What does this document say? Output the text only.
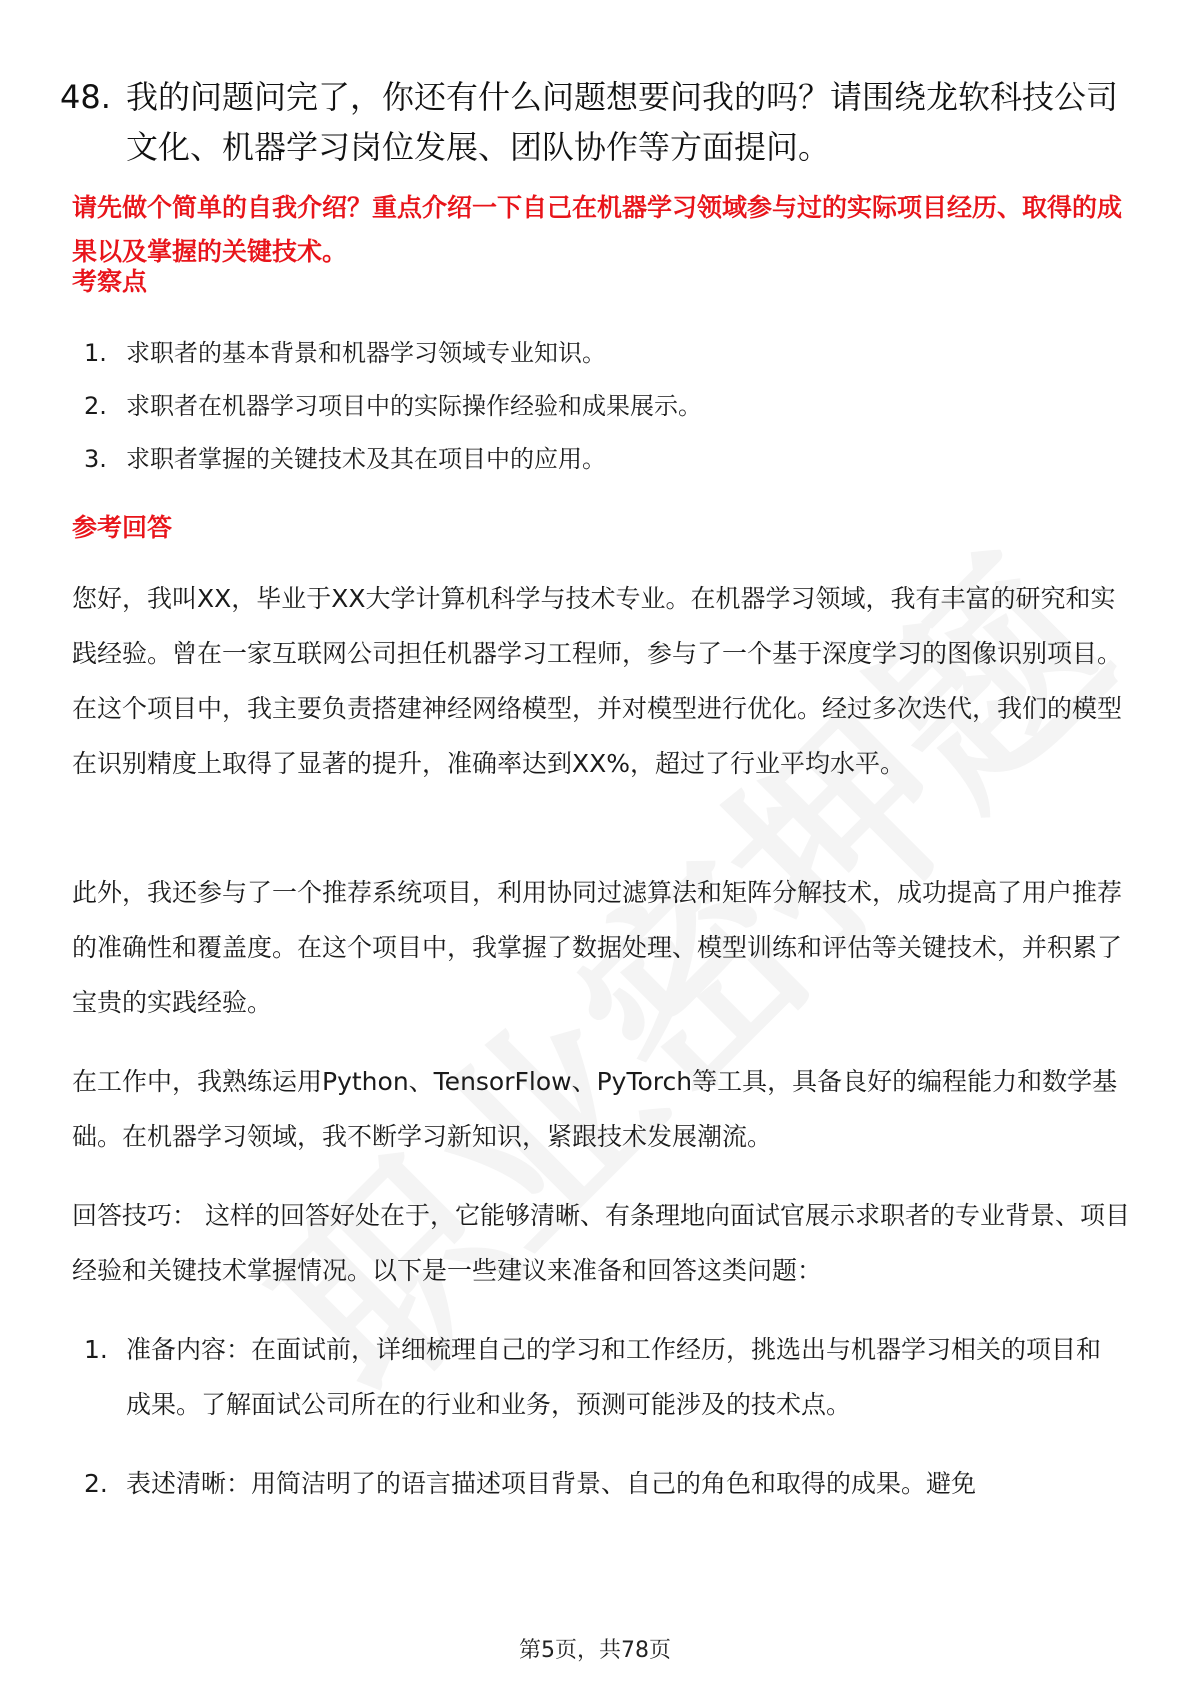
48. 我的问题问完了，你还有什么问题想要问我的吗？请围绕龙软科技公司文化、机器学习岗位发展、团队协作等方面提问。
请先做个简单的自我介绍？重点介绍一下自己在机器学习领域参与过的实际项目经历、取得的成果以及掌握的关键技术。
考察点
1. 求职者的基本背景和机器学习领域专业知识。
2. 求职者在机器学习项目中的实际操作经验和成果展示。
3. 求职者掌握的关键技术及其在项目中的应用。
参考回答
您好，我叫XX，毕业于XX大学计算机科学与技术专业。在机器学习领域，我有丰富的研究和实践经验。曾在一家互联网公司担任机器学习工程师，参与了一个基于深度学习的图像识别项目。在这个项目中，我主要负责搭建神经网络模型，并对模型进行优化。经过多次迭代，我们的模型在识别精度上取得了显著的提升，准确率达到XX%，超过了行业平均水平。
此外，我还参与了一个推荐系统项目，利用协同过滤算法和矩阵分解技术，成功提高了用户推荐的准确性和覆盖度。在这个项目中，我掌握了数据处理、模型训练和评估等关键技术，并积累了宝贵的实践经验。
在工作中，我熟练运用Python、TensorFlow、PyTorch等工具，具备良好的编程能力和数学基础。在机器学习领域，我不断学习新知识，紧跟技术发展潮流。
回答技巧： 这样的回答好处在于，它能够清晰、有条理地向面试官展示求职者的专业背景、项目经验和关键技术掌握情况。以下是一些建议来准备和回答这类问题：
1. 准备内容：在面试前，详细梳理自己的学习和工作经历，挑选出与机器学习相关的项目和成果。了解面试公司所在的行业和业务，预测可能涉及的技术点。
2. 表述清晰：用简洁明了的语言描述项目背景、自己的角色和取得的成果。避免
第5页，共78页
